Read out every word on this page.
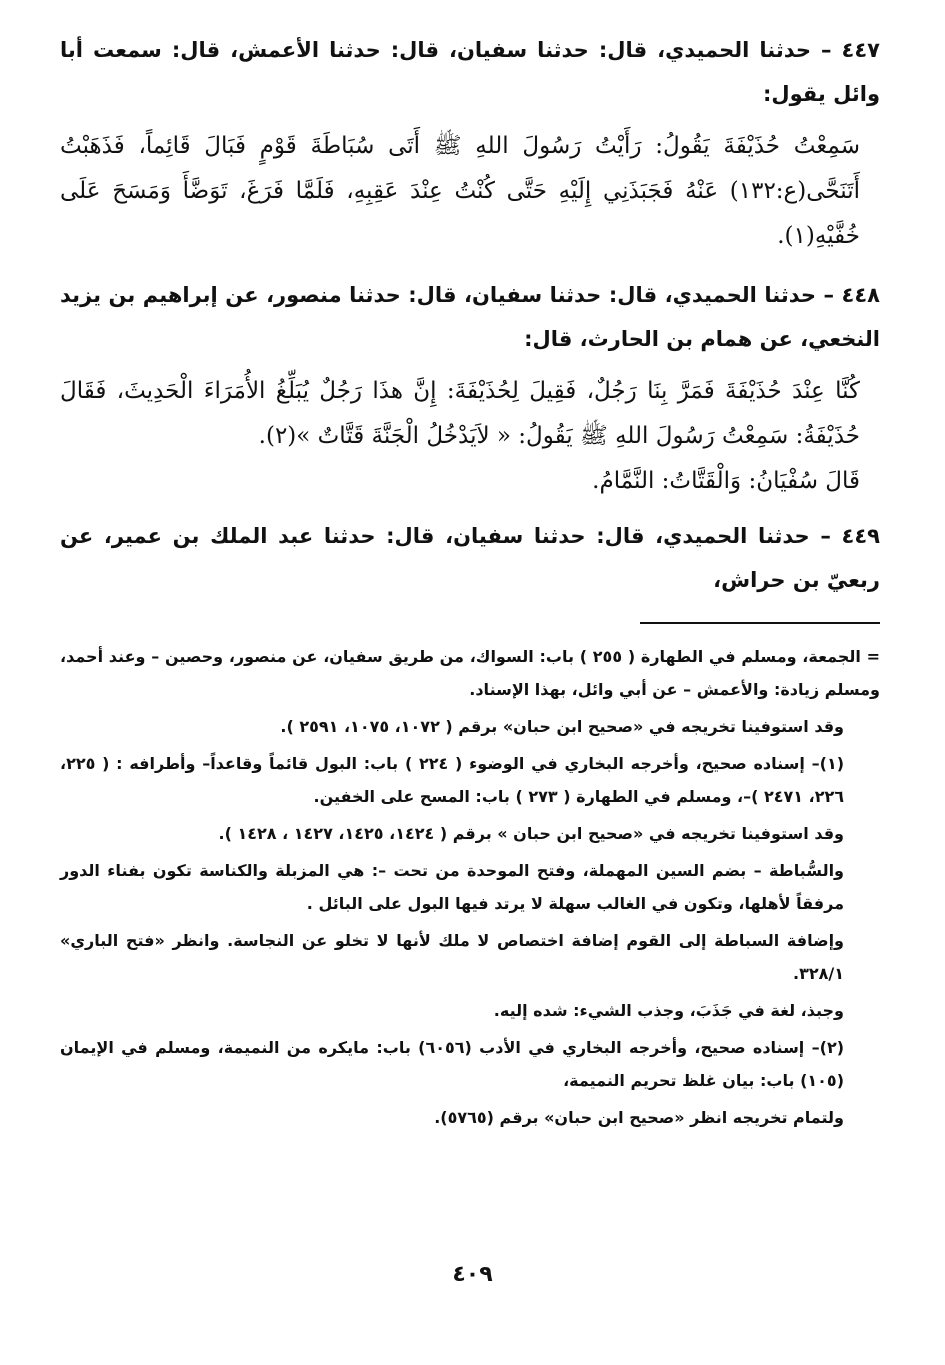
٤٤٧ – حدثنا الحميدي، قال: حدثنا سفيان، قال: حدثنا الأعمش، قال: سمعت أبا وائل يقول:

سَمِعْتُ حُذَيْفَةَ يَقُولُ: رَأَيْتُ رَسُولَ اللهِ ﷺ أَتَى سُبَاطَةَ قَوْمٍ فَبَالَ قَائِماً، فَذَهَبْتُ أَتَنَحَّى(ع:١٣٢) عَنْهُ فَجَبَذَنِي إِلَيْهِ حَتَّى كُنْتُ عِنْدَ عَقِبِهِ، فَلَمَّا فَرَغَ، تَوَضَّأَ وَمَسَحَ عَلَى خُفَّيْهِ(١).

٤٤٨ – حدثنا الحميدي، قال: حدثنا سفيان، قال: حدثنا منصور، عن إبراهيم بن يزيد النخعي، عن همام بن الحارث، قال:

كُنَّا عِنْدَ حُذَيْفَةَ فَمَرَّ بِنَا رَجُلٌ، فَقِيلَ لِحُذَيْفَةَ: إِنَّ هذَا رَجُلٌ يُبَلِّغُ الأُمَرَاءَ الْحَدِيثَ، فَقَالَ حُذَيْفَةُ: سَمِعْتُ رَسُولَ اللهِ ﷺ يَقُولُ: « لاَيَدْخُلُ الْجَنَّةَ قَتَّاتٌ »(٢).

قَالَ سُفْيَانُ: وَالْقَتَّاتُ: النَّمَّامُ.

٤٤٩ – حدثنا الحميدي، قال: حدثنا سفيان، قال: حدثنا عبد الملك بن عمير، عن ربعيّ بن حراش،

= الجمعة، ومسلم في الطهارة ( ٢٥٥ ) باب: السواك، من طريق سفيان، عن منصور، وحصين – وعند أحمد، ومسلم زيادة: والأعمش – عن أبي وائل، بهذا الإسناد.

وقد استوفينا تخريجه في «صحيح ابن حبان» برقم ( ١٠٧٢، ١٠٧٥، ٢٥٩١ ).

(١)– إسناده صحيح، وأخرجه البخاري في الوضوء ( ٢٢٤ ) باب: البول قائماً وقاعداً– وأطرافه : ( ٢٢٥، ٢٢٦، ٢٤٧١ )–، ومسلم في الطهارة ( ٢٧٣ ) باب: المسح على الخفين.

وقد استوفينا تخريجه في «صحيح ابن حبان » برقم ( ١٤٢٤، ١٤٢٥، ١٤٢٧ ، ١٤٢٨ ).

والسُّباطة – بضم السين المهملة، وفتح الموحدة من تحت –: هي المزبلة والكناسة تكون بفناء الدور مرفقاً لأهلها، وتكون في الغالب سهلة لا يرتد فيها البول على البائل .

وإضافة السباطة إلى القوم إضافة اختصاص لا ملك لأنها لا تخلو عن النجاسة. وانظر «فتح الباري» ٣٢٨/١.

وجبذ، لغة في جَذَبَ، وجذب الشيء: شده إليه.

(٢)– إسناده صحيح، وأخرجه البخاري في الأدب (٦٠٥٦) باب: مايكره من النميمة، ومسلم في الإيمان (١٠٥) باب: بيان غلظ تحريم النميمة،

ولتمام تخريجه انظر «صحيح ابن حبان» برقم (٥٧٦٥).

٤٠٩
